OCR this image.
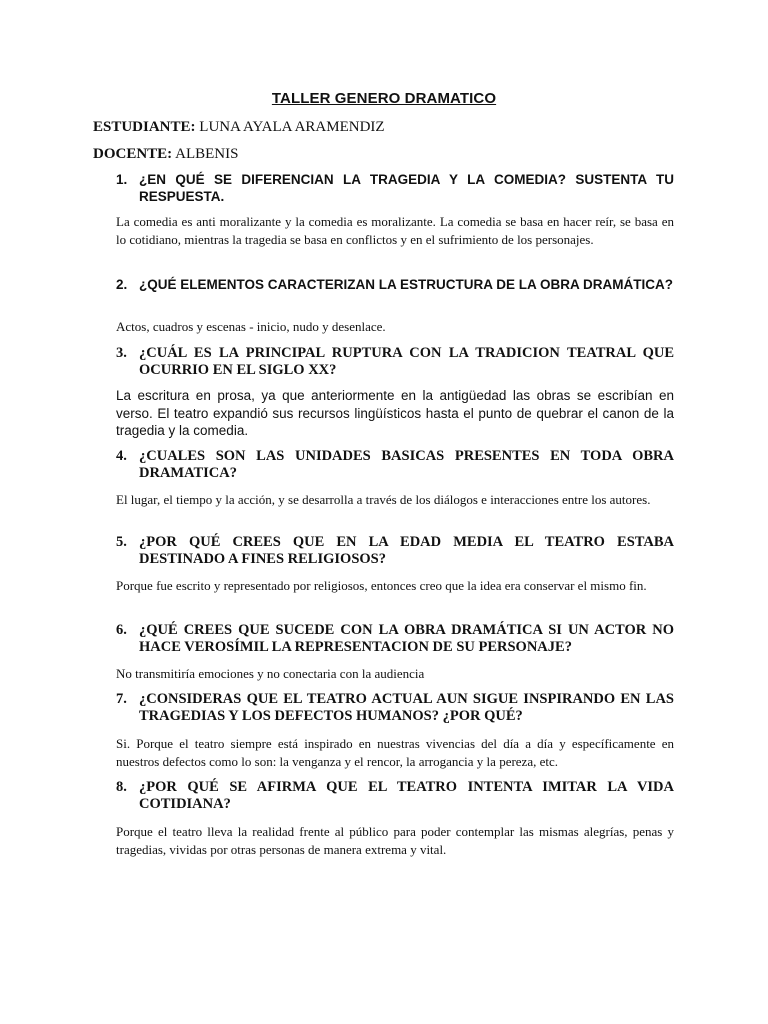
TALLER GENERO DRAMATICO
ESTUDIANTE: LUNA AYALA ARAMENDIZ
DOCENTE: ALBENIS
1. ¿EN QUÉ SE DIFERENCIAN LA TRAGEDIA Y LA COMEDIA? SUSTENTA TU RESPUESTA.
La comedia es anti moralizante y la comedia es moralizante. La comedia se basa en hacer reír, se basa en lo cotidiano, mientras la tragedia se basa en conflictos y en el sufrimiento de los personajes.
2. ¿QUÉ ELEMENTOS CARACTERIZAN LA ESTRUCTURA DE LA OBRA DRAMÁTICA?
Actos, cuadros y escenas - inicio, nudo y desenlace.
3. ¿CUÁL ES LA PRINCIPAL RUPTURA CON LA TRADICION TEATRAL QUE OCURRIO EN EL SIGLO XX?
La escritura en prosa, ya que anteriormente en la antigüedad las obras se escribían en verso. El teatro expandió sus recursos lingüísticos hasta el punto de quebrar el canon de la tragedia y la comedia.
4. ¿CUALES SON LAS UNIDADES BASICAS PRESENTES EN TODA OBRA DRAMATICA?
El lugar, el tiempo y la acción, y se desarrolla a través de los diálogos e interacciones entre los autores.
5. ¿POR QUÉ CREES QUE EN LA EDAD MEDIA EL TEATRO ESTABA DESTINADO A FINES RELIGIOSOS?
Porque fue escrito y representado por religiosos, entonces creo que la idea era conservar el mismo fin.
6. ¿QUÉ CREES QUE SUCEDE CON LA OBRA DRAMÁTICA SI UN ACTOR NO HACE VEROSÍMIL LA REPRESENTACION DE SU PERSONAJE?
No transmitiría emociones y no conectaria con la audiencia
7. ¿CONSIDERAS QUE EL TEATRO ACTUAL AUN SIGUE INSPIRANDO EN LAS TRAGEDIAS Y LOS DEFECTOS HUMANOS? ¿POR QUÉ?
Si. Porque el teatro siempre está inspirado en nuestras vivencias del día a día y específicamente en nuestros defectos como lo son: la venganza y el rencor, la arrogancia y la pereza, etc.
8. ¿POR QUÉ SE AFIRMA QUE EL TEATRO INTENTA IMITAR LA VIDA COTIDIANA?
Porque el teatro lleva la realidad frente al público para poder contemplar las mismas alegrías, penas y tragedias, vividas por otras personas de manera extrema y vital.
